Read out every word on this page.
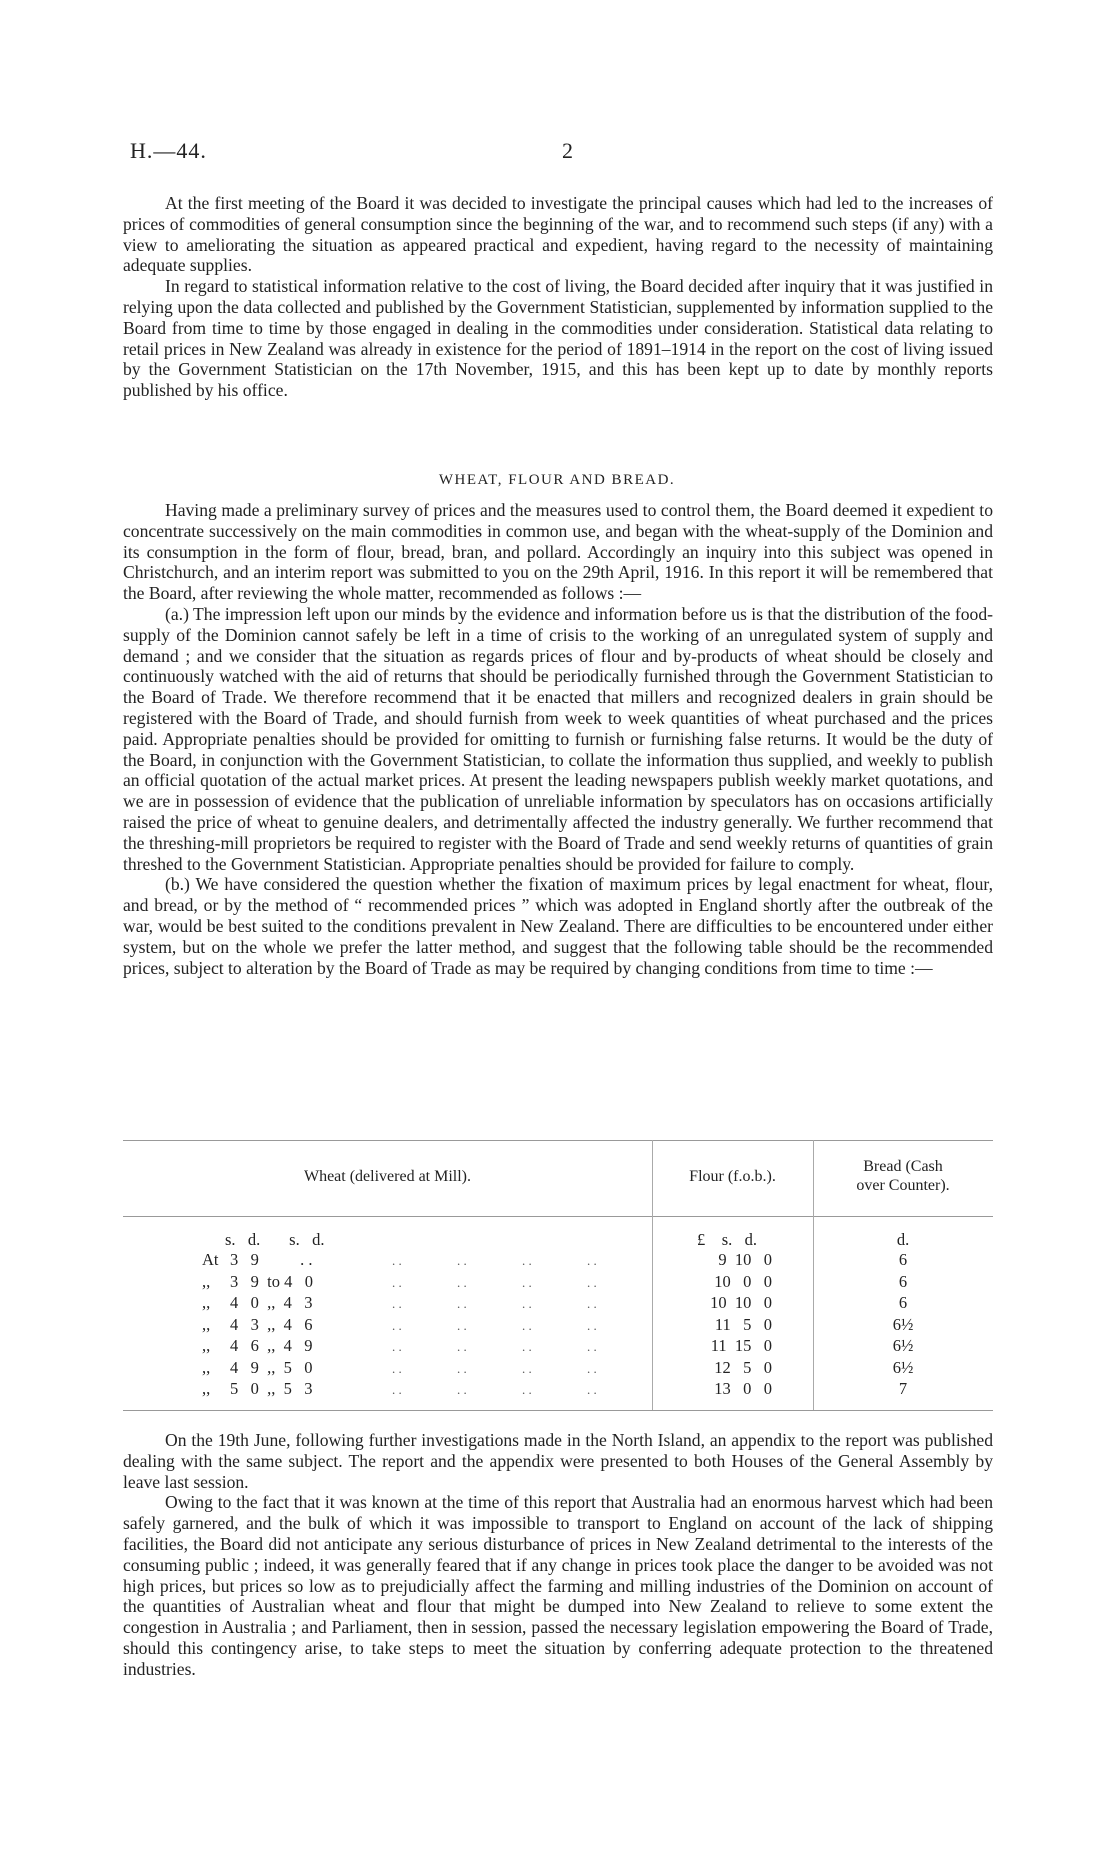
H.—44.	2

At the first meeting of the Board it was decided to investigate the principal causes which had led to the increases of prices of commodities of general consumption since the beginning of the war, and to recommend such steps (if any) with a view to ameliorating the situation as appeared practical and expedient, having regard to the necessity of maintaining adequate supplies.

In regard to statistical information relative to the cost of living, the Board decided after inquiry that it was justified in relying upon the data collected and published by the Government Statistician, supplemented by information supplied to the Board from time to time by those engaged in dealing in the commodities under consideration. Statistical data relating to retail prices in New Zealand was already in existence for the period of 1891–1914 in the report on the cost of living issued by the Government Statistician on the 17th November, 1915, and this has been kept up to date by monthly reports published by his office.

WHEAT, FLOUR AND BREAD.

Having made a preliminary survey of prices and the measures used to control them, the Board deemed it expedient to concentrate successively on the main commodities in common use, and began with the wheat-supply of the Dominion and its consumption in the form of flour, bread, bran, and pollard. Accordingly an inquiry into this subject was opened in Christchurch, and an interim report was submitted to you on the 29th April, 1916. In this report it will be remembered that the Board, after reviewing the whole matter, recommended as follows :—

(a.) The impression left upon our minds by the evidence and information before us is that the distribution of the food-supply of the Dominion cannot safely be left in a time of crisis to the working of an unregulated system of supply and demand ; and we consider that the situation as regards prices of flour and by-products of wheat should be closely and continuously watched with the aid of returns that should be periodically furnished through the Government Statistician to the Board of Trade. We therefore recommend that it be enacted that millers and recognized dealers in grain should be registered with the Board of Trade, and should furnish from week to week quantities of wheat purchased and the prices paid. Appropriate penalties should be provided for omitting to furnish or furnishing false returns. It would be the duty of the Board, in conjunction with the Government Statistician, to collate the information thus supplied, and weekly to publish an official quotation of the actual market prices. At present the leading newspapers publish weekly market quotations, and we are in possession of evidence that the publication of unreliable information by speculators has on occasions artificially raised the price of wheat to genuine dealers, and detrimentally affected the industry generally. We further recommend that the threshing-mill proprietors be required to register with the Board of Trade and send weekly returns of quantities of grain threshed to the Government Statistician. Appropriate penalties should be provided for failure to comply.

(b.) We have considered the question whether the fixation of maximum prices by legal enactment for wheat, flour, and bread, or by the method of “ recommended prices ” which was adopted in England shortly after the outbreak of the war, would be best suited to the conditions prevalent in New Zealand. There are difficulties to be encountered under either system, but on the whole we prefer the latter method, and suggest that the following table should be the recommended prices, subject to alteration by the Board of Trade as may be required by changing conditions from time to time :—

Wheat (delivered at Mill).	Flour (f.o.b.).
Bread (Cash
over Counter).
s.   d.       s.   d.	£    s.   d.	d.
At 3   9          . .	. .                 . .                 . .                 . .	9  10   0	6
,, 3   9  to 4   0	. .                 . .                 . .                 . .	10   0   0	6
,, 4   0  ,,  4   3	. .                 . .                 . .                 . .	10  10   0	6
,, 4   3  ,,  4   6	. .                 . .                 . .                 . .	11   5   0	6½
,, 4   6  ,,  4   9	. .                 . .                 . .                 . .	11  15   0	6½
,, 4   9  ,,  5   0	. .                 . .                 . .                 . .	12   5   0	6½
,, 5   0  ,,  5   3	. .                 . .                 . .                 . .	13   0   0	7

On the 19th June, following further investigations made in the North Island, an appendix to the report was published dealing with the same subject. The report and the appendix were presented to both Houses of the General Assembly by leave last session.

Owing to the fact that it was known at the time of this report that Australia had an enormous harvest which had been safely garnered, and the bulk of which it was impossible to transport to England on account of the lack of shipping facilities, the Board did not anticipate any serious disturbance of prices in New Zealand detrimental to the interests of the consuming public ; indeed, it was generally feared that if any change in prices took place the danger to be avoided was not high prices, but prices so low as to prejudicially affect the farming and milling industries of the Dominion on account of the quantities of Australian wheat and flour that might be dumped into New Zealand to relieve to some extent the congestion in Australia ; and Parliament, then in session, passed the necessary legislation empowering the Board of Trade, should this contingency arise, to take steps to meet the situation by conferring adequate protection to the threatened industries.
